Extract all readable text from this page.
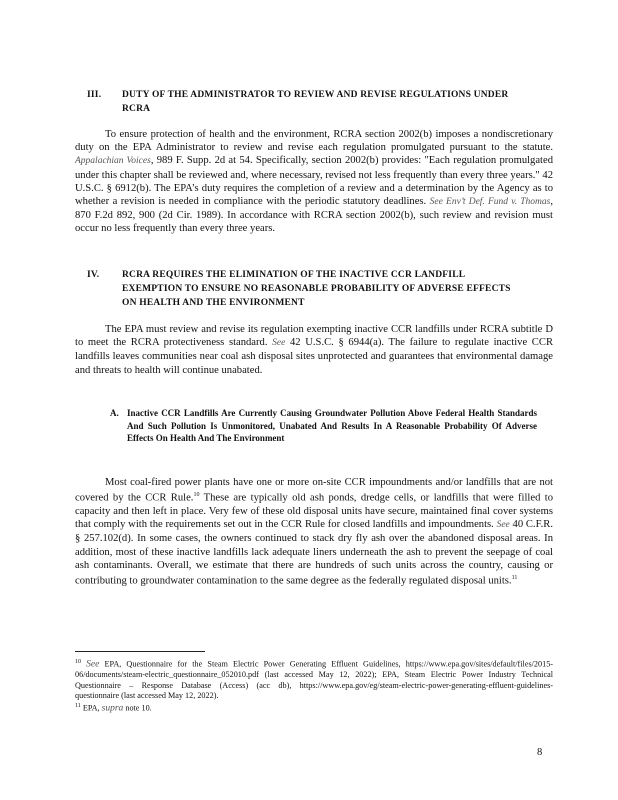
III. DUTY OF THE ADMINISTRATOR TO REVIEW AND REVISE REGULATIONS UNDER RCRA

To ensure protection of health and the environment, RCRA section 2002(b) imposes a nondiscretionary duty on the EPA Administrator to review and revise each regulation promulgated pursuant to the statute. Appalachian Voices, 989 F. Supp. 2d at 54. Specifically, section 2002(b) provides: "Each regulation promulgated under this chapter shall be reviewed and, where necessary, revised not less frequently than every three years." 42 U.S.C. § 6912(b). The EPA’s duty requires the completion of a review and a determination by the Agency as to whether a revision is needed in compliance with the periodic statutory deadlines. See Env’t Def. Fund v. Thomas, 870 F.2d 892, 900 (2d Cir. 1989). In accordance with RCRA section 2002(b), such review and revision must occur no less frequently than every three years.

IV. RCRA REQUIRES THE ELIMINATION OF THE INACTIVE CCR LANDFILL EXEMPTION TO ENSURE NO REASONABLE PROBABILITY OF ADVERSE EFFECTS ON HEALTH AND THE ENVIRONMENT

The EPA must review and revise its regulation exempting inactive CCR landfills under RCRA subtitle D to meet the RCRA protectiveness standard. See 42 U.S.C. § 6944(a). The failure to regulate inactive CCR landfills leaves communities near coal ash disposal sites unprotected and guarantees that environmental damage and threats to health will continue unabated.

A. Inactive CCR Landfills Are Currently Causing Groundwater Pollution Above Federal Health Standards And Such Pollution Is Unmonitored, Unabated And Results In A Reasonable Probability Of Adverse Effects On Health And The Environment

Most coal-fired power plants have one or more on-site CCR impoundments and/or landfills that are not covered by the CCR Rule.$^{10}$ These are typically old ash ponds, dredge cells, or landfills that were filled to capacity and then left in place. Very few of these old disposal units have secure, maintained final cover systems that comply with the requirements set out in the CCR Rule for closed landfills and impoundments. See 40 C.F.R. § 257.102(d). In some cases, the owners continued to stack dry fly ash over the abandoned disposal areas. In addition, most of these inactive landfills lack adequate liners underneath the ash to prevent the seepage of coal ash contaminants. Overall, we estimate that there are hundreds of such units across the country, causing or contributing to groundwater contamination to the same degree as the federally regulated disposal units.$^{11}$

$^{10}$ See EPA, Questionnaire for the Steam Electric Power Generating Effluent Guidelines, https://www.epa.gov/sites/default/files/2015-06/documents/steam-electric_questionnaire_052010.pdf (last accessed May 12, 2022); EPA, Steam Electric Power Industry Technical Questionnaire – Response Database (Access) (acc db), https://www.epa.gov/eg/steam-electric-power-generating-effluent-guidelines-questionnaire (last accessed May 12, 2022).
$^{11}$ EPA, supra note 10.
8
